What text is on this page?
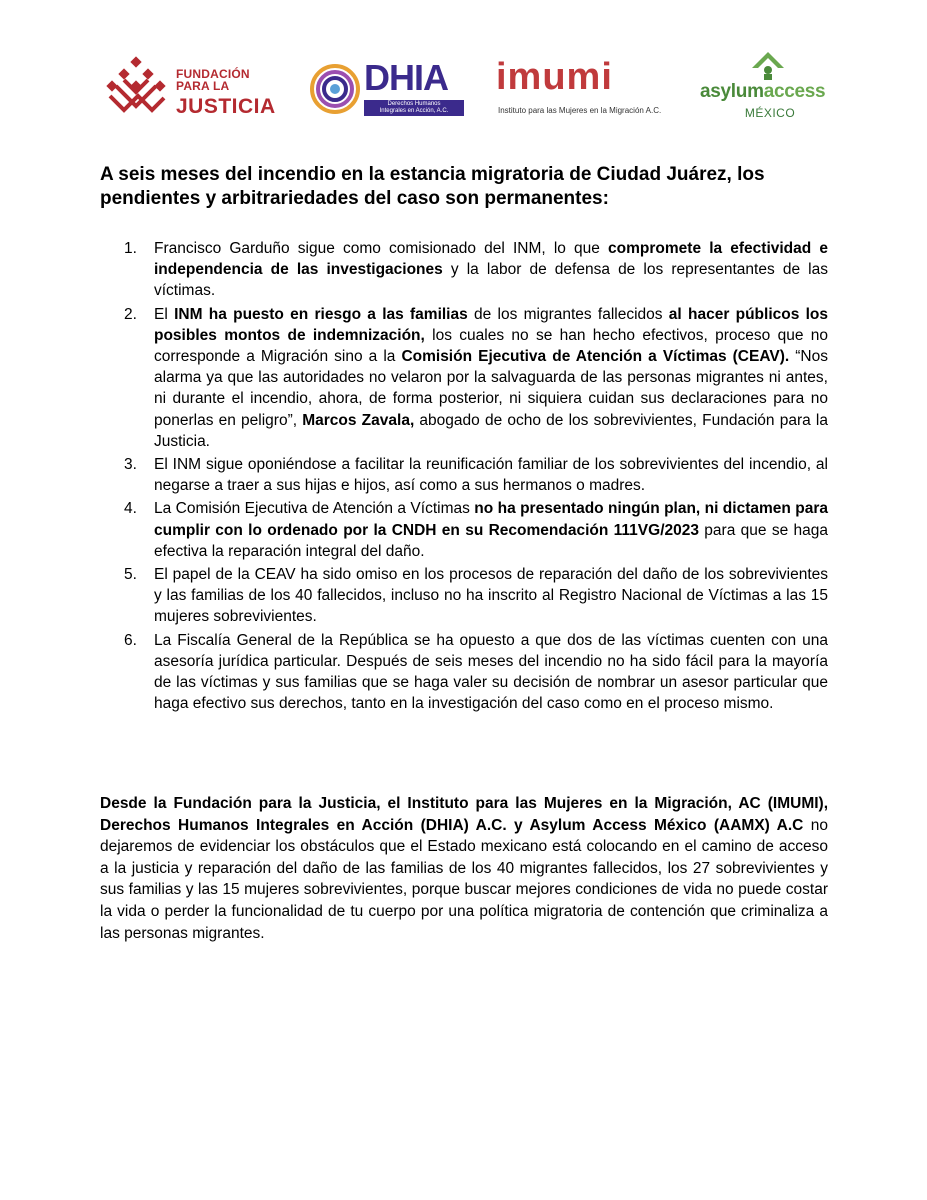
FUNDACIÓN PARA LA
JUSTICIA
DHIA
Derechos Humanos
Integrales en Acción, A.C.
imumi
Instituto para las Mujeres en la Migración A.C.
asylumaccess
MÉXICO
A seis meses del incendio en la estancia migratoria de Ciudad Juárez, los pendientes y arbitrariedades del caso son permanentes:
1. Francisco Garduño sigue como comisionado del INM, lo que compromete la efectividad e independencia de las investigaciones y la labor de defensa de los representantes de las víctimas.
2. El INM ha puesto en riesgo a las familias de los migrantes fallecidos al hacer públicos los posibles montos de indemnización, los cuales no se han hecho efectivos, proceso que no corresponde a Migración sino a la Comisión Ejecutiva de Atención a Víctimas (CEAV). “Nos alarma ya que las autoridades no velaron por la salvaguarda de las personas migrantes ni antes, ni durante el incendio, ahora, de forma posterior, ni siquiera cuidan sus declaraciones para no ponerlas en peligro”, Marcos Zavala, abogado de ocho de los sobrevivientes, Fundación para la Justicia.
3. El INM sigue oponiéndose a facilitar la reunificación familiar de los sobrevivientes del incendio, al negarse a traer a sus hijas e hijos, así como a sus hermanos o madres.
4. La Comisión Ejecutiva de Atención a Víctimas no ha presentado ningún plan, ni dictamen para cumplir con lo ordenado por la CNDH en su Recomendación 111VG/2023 para que se haga efectiva la reparación integral del daño.
5. El papel de la CEAV ha sido omiso en los procesos de reparación del daño de los sobrevivientes y las familias de los 40 fallecidos, incluso no ha inscrito al Registro Nacional de Víctimas a las 15 mujeres sobrevivientes.
6. La Fiscalía General de la República se ha opuesto a que dos de las víctimas cuenten con una asesoría jurídica particular. Después de seis meses del incendio no ha sido fácil para la mayoría de las víctimas y sus familias que se haga valer su decisión de nombrar un asesor particular que haga efectivo sus derechos, tanto en la investigación del caso como en el proceso mismo.

Desde la Fundación para la Justicia, el Instituto para las Mujeres en la Migración, AC (IMUMI), Derechos Humanos Integrales en Acción (DHIA) A.C. y Asylum Access México (AAMX) A.C no dejaremos de evidenciar los obstáculos que el Estado mexicano está colocando en el camino de acceso a la justicia y reparación del daño de las familias de los 40 migrantes fallecidos, los 27 sobrevivientes y sus familias y las 15 mujeres sobrevivientes, porque buscar mejores condiciones de vida no puede costar la vida o perder la funcionalidad de tu cuerpo por una política migratoria de contención que criminaliza a las personas migrantes.
